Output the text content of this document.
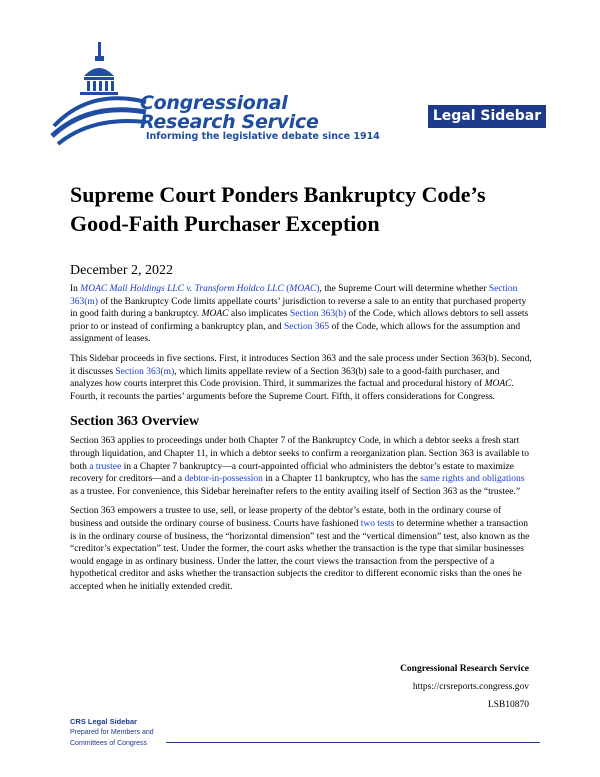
Congressional
Research Service
Informing the legislative debate since 1914
Legal Sidebar
Supreme Court Ponders Bankruptcy Code’s Good-Faith Purchaser Exception
December 2, 2022

In MOAC Mall Holdings LLC v. Transform Holdco LLC (MOAC), the Supreme Court will determine whether Section 363(m) of the Bankruptcy Code limits appellate courts’ jurisdiction to reverse a sale to an entity that purchased property in good faith during a bankruptcy. MOAC also implicates Section 363(b) of the Code, which allows debtors to sell assets prior to or instead of confirming a bankruptcy plan, and Section 365 of the Code, which allows for the assumption and assignment of leases.

This Sidebar proceeds in five sections. First, it introduces Section 363 and the sale process under Section 363(b). Second, it discusses Section 363(m), which limits appellate review of a Section 363(b) sale to a good-faith purchaser, and analyzes how courts interpret this Code provision. Third, it summarizes the factual and procedural history of MOAC. Fourth, it recounts the parties’ arguments before the Supreme Court. Fifth, it offers considerations for Congress.

Section 363 Overview

Section 363 applies to proceedings under both Chapter 7 of the Bankruptcy Code, in which a debtor seeks a fresh start through liquidation, and Chapter 11, in which a debtor seeks to confirm a reorganization plan. Section 363 is available to both a trustee in a Chapter 7 bankruptcy—a court-appointed official who administers the debtor’s estate to maximize recovery for creditors—and a debtor-in-possession in a Chapter 11 bankruptcy, who has the same rights and obligations as a trustee. For convenience, this Sidebar hereinafter refers to the entity availing itself of Section 363 as the “trustee.”

Section 363 empowers a trustee to use, sell, or lease property of the debtor’s estate, both in the ordinary course of business and outside the ordinary course of business. Courts have fashioned two tests to determine whether a transaction is in the ordinary course of business, the “horizontal dimension” test and the “vertical dimension” test, also known as the “creditor’s expectation” test. Under the former, the court asks whether the transaction is the type that similar businesses would engage in as ordinary business. Under the latter, the court views the transaction from the perspective of a hypothetical creditor and asks whether the transaction subjects the creditor to different economic risks than the ones he accepted when he initially extended credit.

Congressional Research Service
https://crsreports.congress.gov
LSB10870
CRS Legal Sidebar
Prepared for Members and
Committees of Congress
